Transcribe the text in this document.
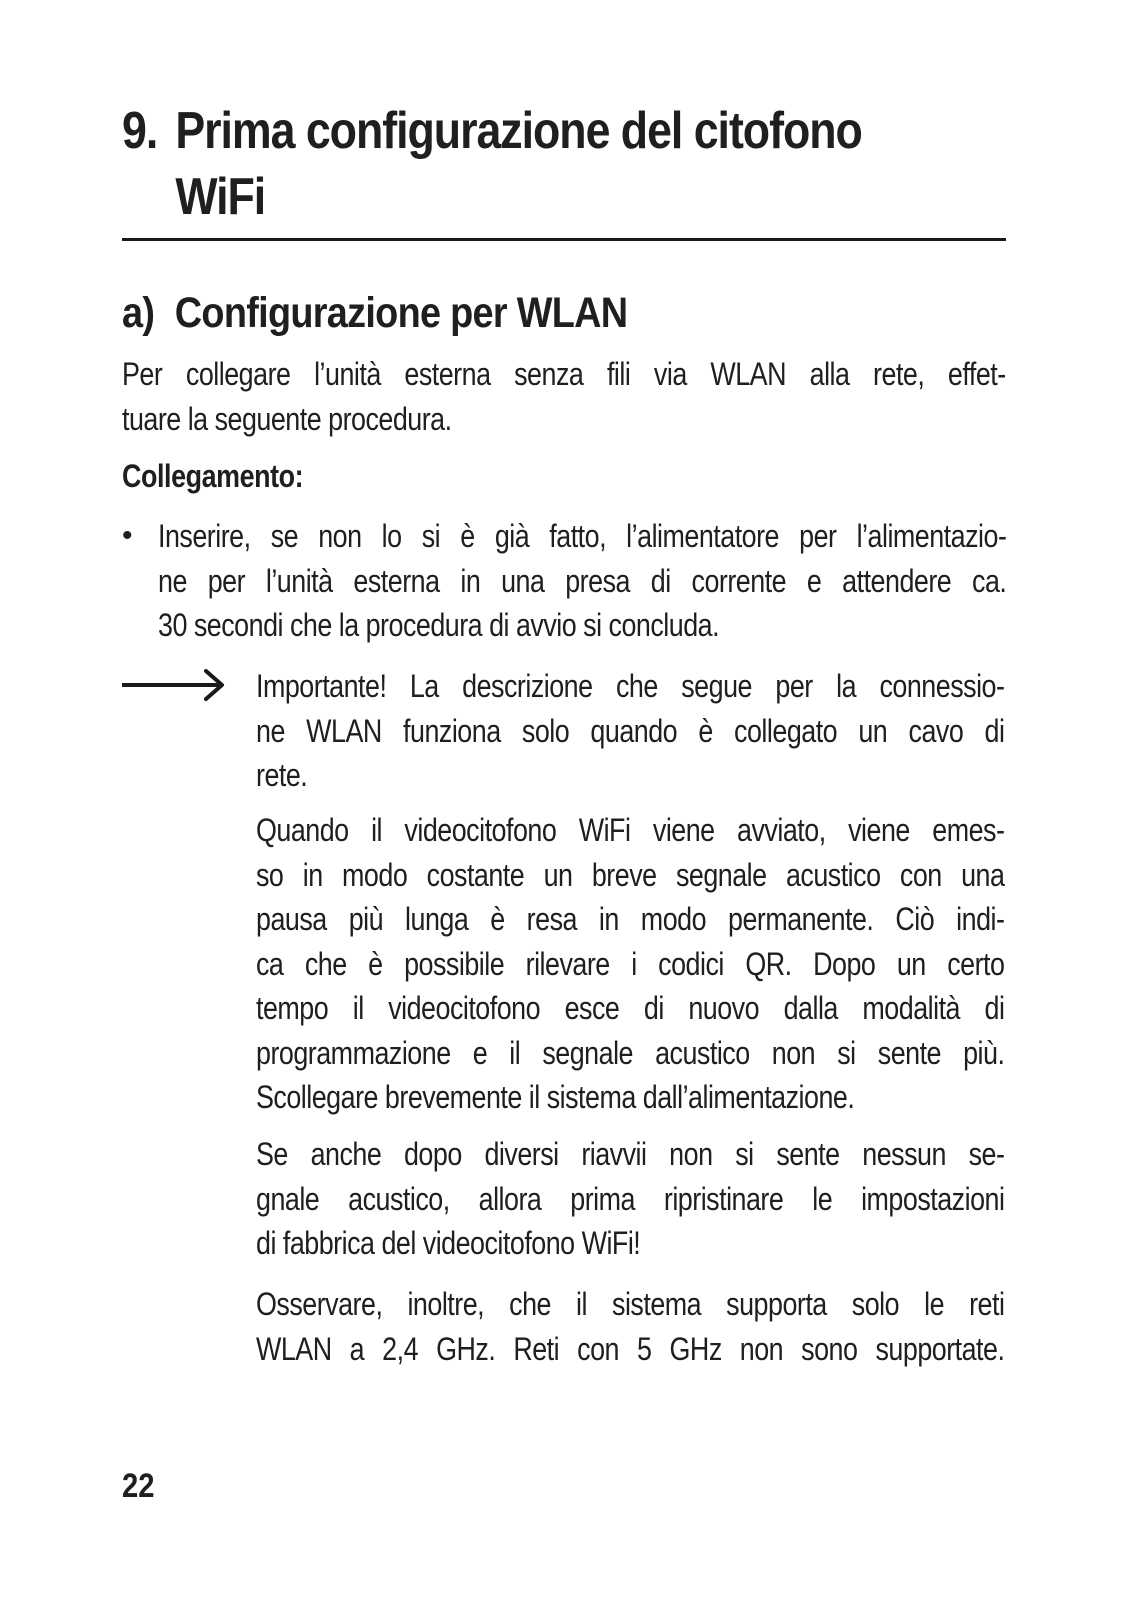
9. Prima configurazione del citofono
WiFi
a) Configurazione per WLAN
Per collegare l’unità esterna senza fili via WLAN alla rete, effet-
tuare la seguente procedura.
Collegamento:
• Inserire, se non lo si è già fatto, l’alimentatore per l’alimentazio-
ne per l’unità esterna in una presa di corrente e attendere ca.
30 secondi che la procedura di avvio si concluda.
Importante! La descrizione che segue per la connessio-
ne WLAN funziona solo quando è collegato un cavo di
rete.
Quando il videocitofono WiFi viene avviato, viene emes-
so in modo costante un breve segnale acustico con una
pausa più lunga è resa in modo permanente. Ciò indi-
ca che è possibile rilevare i codici QR. Dopo un certo
tempo il videocitofono esce di nuovo dalla modalità di
programmazione e il segnale acustico non si sente più.
Scollegare brevemente il sistema dall’alimentazione.
Se anche dopo diversi riavvii non si sente nessun se-
gnale acustico, allora prima ripristinare le impostazioni
di fabbrica del videocitofono WiFi!
Osservare, inoltre, che il sistema supporta solo le reti
WLAN a 2,4 GHz. Reti con 5 GHz non sono supportate.
22
